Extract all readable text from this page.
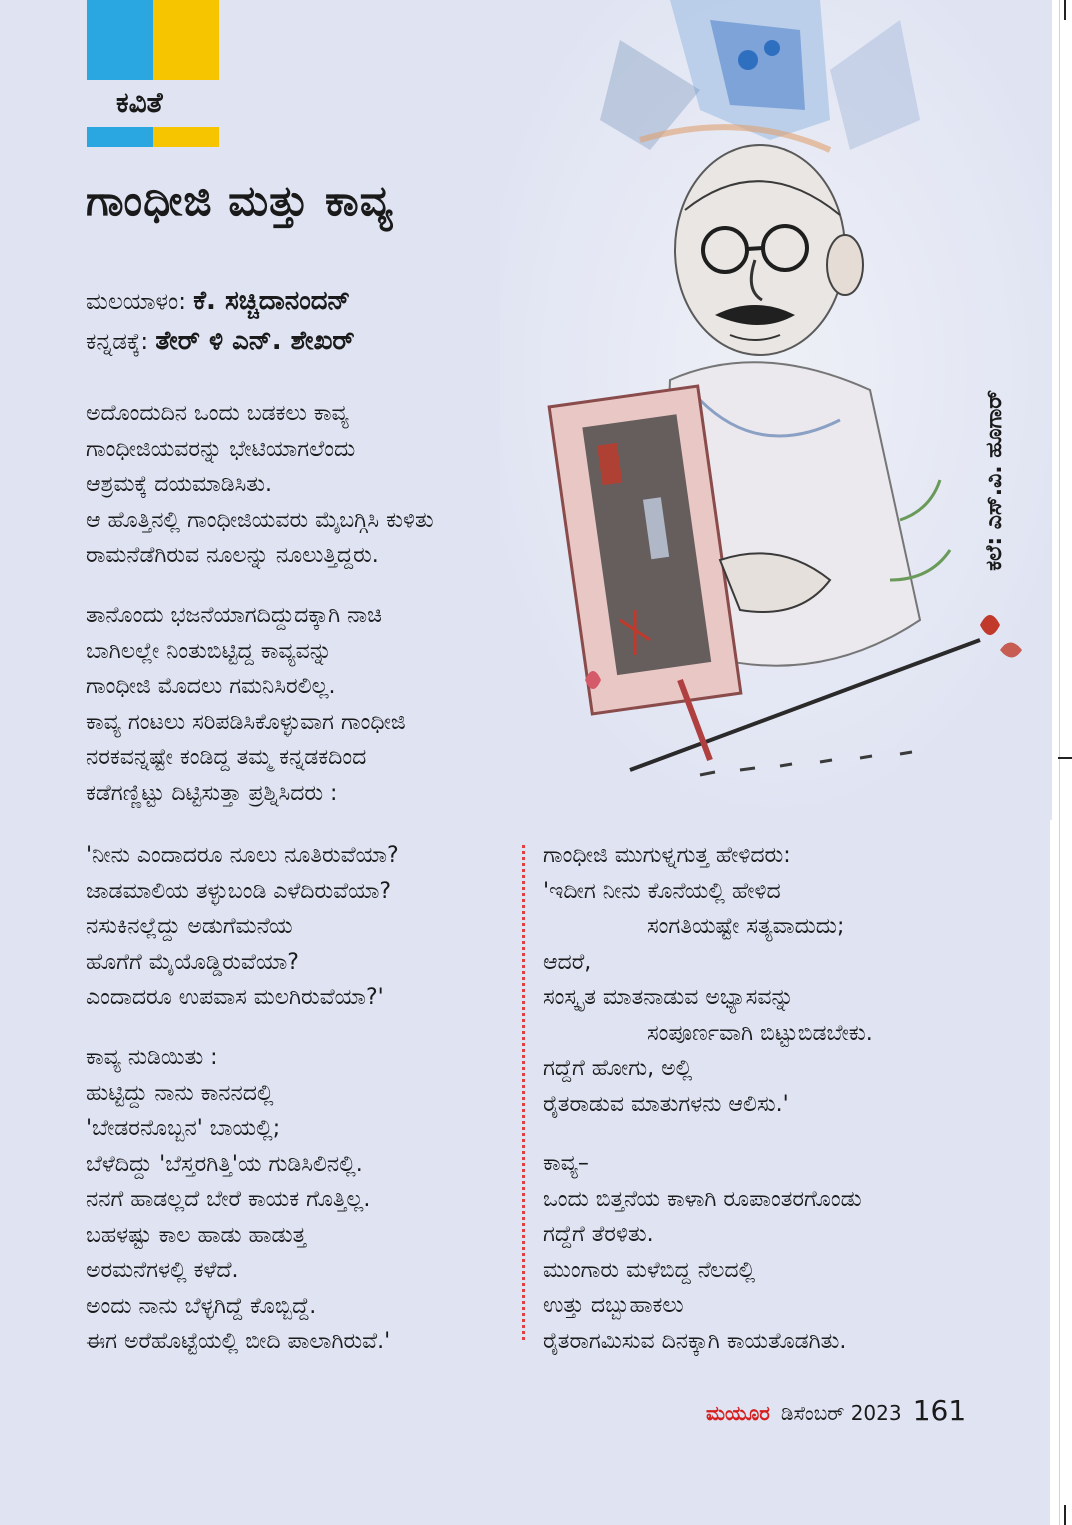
ಕವಿತೆ
ಗಾಂಧೀಜಿ ಮತ್ತು ಕಾವ್ಯ
ಮಲಯಾಳಂ: ಕೆ. ಸಚ್ಚಿದಾನಂದನ್
ಕನ್ನಡಕ್ಕೆ: ತೇರ್ ಳಿ ಎನ್. ಶೇಖರ್
ಕಲೆ: ಎಸ್.ವಿ. ಹೂಗಾರ್
ಅದೊಂದುದಿನ ಒಂದು ಬಡಕಲು ಕಾವ್ಯ
ಗಾಂಧೀಜಿಯವರನ್ನು ಭೇಟಿಯಾಗಲೆಂದು
ಆಶ್ರಮಕ್ಕೆ ದಯಮಾಡಿಸಿತು.
ಆ ಹೊತ್ತಿನಲ್ಲಿ ಗಾಂಧೀಜಿಯವರು ಮೈಬಗ್ಗಿಸಿ ಕುಳಿತು
ರಾಮನೆಡೆಗಿರುವ ನೂಲನ್ನು ನೂಲುತ್ತಿದ್ದರು.
ತಾನೊಂದು ಭಜನೆಯಾಗದಿದ್ದುದಕ್ಕಾಗಿ ನಾಚಿ
ಬಾಗಿಲಲ್ಲೇ ನಿಂತುಬಿಟ್ಟಿದ್ದ ಕಾವ್ಯವನ್ನು
ಗಾಂಧೀಜಿ ಮೊದಲು ಗಮನಿಸಿರಲಿಲ್ಲ.
ಕಾವ್ಯ ಗಂಟಲು ಸರಿಪಡಿಸಿಕೊಳ್ಳುವಾಗ ಗಾಂಧೀಜಿ
ನರಕವನ್ನಷ್ಟೇ ಕಂಡಿದ್ದ ತಮ್ಮ ಕನ್ನಡಕದಿಂದ
ಕಡೆಗಣ್ಣಿಟ್ಟು ದಿಟ್ಟಿಸುತ್ತಾ ಪ್ರಶ್ನಿಸಿದರು :
'ನೀನು ಎಂದಾದರೂ ನೂಲು ನೂತಿರುವೆಯಾ?
ಜಾಡಮಾಲಿಯ ತಳ್ಳುಬಂಡಿ ಎಳೆದಿರುವೆಯಾ?
ನಸುಕಿನಲ್ಲೆದ್ದು ಅಡುಗೆಮನೆಯ
ಹೊಗೆಗೆ ಮೈಯೊಡ್ಡಿರುವೆಯಾ?
ಎಂದಾದರೂ ಉಪವಾಸ ಮಲಗಿರುವೆಯಾ?'
ಕಾವ್ಯ ನುಡಿಯಿತು :
ಹುಟ್ಟಿದ್ದು ನಾನು ಕಾನನದಲ್ಲಿ
'ಬೇಡರನೊಬ್ಬನ' ಬಾಯಲ್ಲಿ;
ಬೆಳೆದಿದ್ದು 'ಬೆಸ್ತರಗಿತ್ತಿ'ಯ ಗುಡಿಸಿಲಿನಲ್ಲಿ.
ನನಗೆ ಹಾಡಲ್ಲದೆ ಬೇರೆ ಕಾಯಕ ಗೊತ್ತಿಲ್ಲ.
ಬಹಳಷ್ಟು ಕಾಲ ಹಾಡು ಹಾಡುತ್ತ
ಅರಮನೆಗಳಲ್ಲಿ ಕಳೆದೆ.
ಅಂದು ನಾನು ಬೆಳ್ಳಗಿದ್ದೆ ಕೊಬ್ಬಿದ್ದೆ.
ಈಗ ಅರೆಹೊಟ್ಟೆಯಲ್ಲಿ ಬೀದಿ ಪಾಲಾಗಿರುವೆ.'
ಗಾಂಧೀಜಿ ಮುಗುಳ್ನಗುತ್ತ ಹೇಳಿದರು:
'ಇದೀಗ ನೀನು ಕೊನೆಯಲ್ಲಿ ಹೇಳಿದ
ಸಂಗತಿಯಷ್ಟೇ ಸತ್ಯವಾದುದು;
ಆದರೆ,
ಸಂಸ್ಕೃತ ಮಾತನಾಡುವ ಅಭ್ಯಾಸವನ್ನು
ಸಂಪೂರ್ಣವಾಗಿ ಬಿಟ್ಟುಬಿಡಬೇಕು.
ಗದ್ದೆಗೆ ಹೋಗು, ಅಲ್ಲಿ
ರೈತರಾಡುವ ಮಾತುಗಳನು ಆಲಿಸು.'
ಕಾವ್ಯ–
ಒಂದು ಬಿತ್ತನೆಯ ಕಾಳಾಗಿ ರೂಪಾಂತರಗೊಂಡು
ಗದ್ದೆಗೆ ತೆರಳಿತು.
ಮುಂಗಾರು ಮಳೆಬಿದ್ದ ನೆಲದಲ್ಲಿ
ಉತ್ತು ದಬ್ಬುಹಾಕಲು
ರೈತರಾಗಮಿಸುವ ದಿನಕ್ಕಾಗಿ ಕಾಯತೊಡಗಿತು.
ಮಯೂರ ಡಿಸೆಂಬರ್ 2023 161
